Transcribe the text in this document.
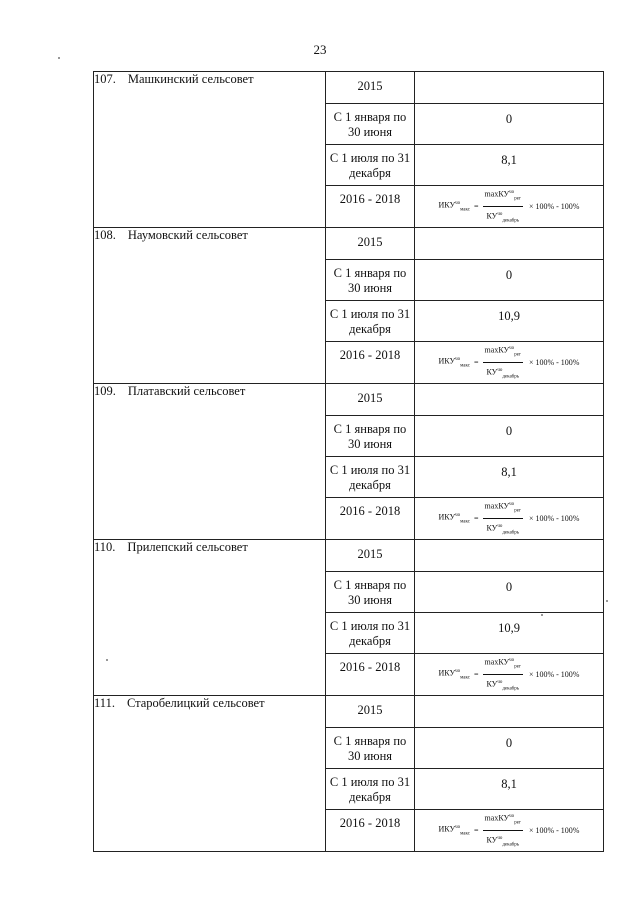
23
107. Машкинский сельсовет	2015	
	С 1 января по 30 июня	0
	С 1 июля по 31 декабря	8,1
	2016 - 2018	$ИКУ^{чо}_{макс} = \frac{\max КУ^{чо}_{рег}}{КУ^{чо}_{декабрь}} \times 100\% - 100\%$

108. Наумовский сельсовет	2015	
	С 1 января по 30 июня	0
	С 1 июля по 31 декабря	10,9
	2016 - 2018	$ИКУ^{чо}_{макс} = \frac{\max КУ^{чо}_{рег}}{КУ^{чо}_{декабрь}} \times 100\% - 100\%$

109. Платавский сельсовет	2015	
	С 1 января по 30 июня	0
	С 1 июля по 31 декабря	8,1
	2016 - 2018	$ИКУ^{чо}_{макс} = \frac{\max КУ^{чо}_{рег}}{КУ^{чо}_{декабрь}} \times 100\% - 100\%$

110. Прилепский сельсовет	2015	
	С 1 января по 30 июня	0
	С 1 июля по 31 декабря	10,9
	2016 - 2018	$ИКУ^{чо}_{макс} = \frac{\max КУ^{чо}_{рег}}{КУ^{чо}_{декабрь}} \times 100\% - 100\%$

111. Старобелицкий сельсовет	2015	
	С 1 января по 30 июня	0
	С 1 июля по 31 декабря	8,1
	2016 - 2018	$ИКУ^{чо}_{макс} = \frac{\max КУ^{чо}_{рег}}{КУ^{чо}_{декабрь}} \times 100\% - 100\%$
